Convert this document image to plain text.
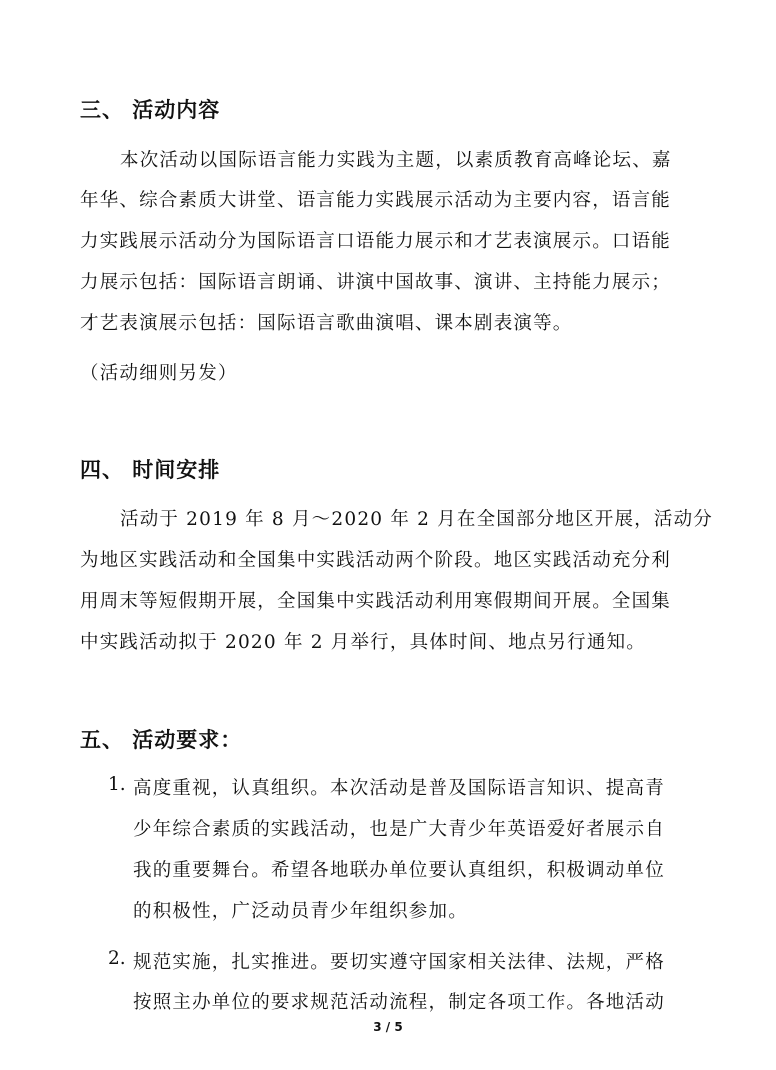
三、 活动内容
本次活动以国际语言能力实践为主题，以素质教育高峰论坛、嘉
年华、综合素质大讲堂、语言能力实践展示活动为主要内容，语言能
力实践展示活动分为国际语言口语能力展示和才艺表演展示。口语能
力展示包括：国际语言朗诵、讲演中国故事、演讲、主持能力展示；
才艺表演展示包括：国际语言歌曲演唱、课本剧表演等。
（活动细则另发）
四、 时间安排
活动于 2019 年 8 月～2020 年 2 月在全国部分地区开展，活动分
为地区实践活动和全国集中实践活动两个阶段。地区实践活动充分利
用周末等短假期开展，全国集中实践活动利用寒假期间开展。全国集
中实践活动拟于 2020 年 2 月举行，具体时间、地点另行通知。
五、 活动要求：
1. 高度重视，认真组织。本次活动是普及国际语言知识、提高青
少年综合素质的实践活动，也是广大青少年英语爱好者展示自
我的重要舞台。希望各地联办单位要认真组织，积极调动单位
的积极性，广泛动员青少年组织参加。
2. 规范实施，扎实推进。要切实遵守国家相关法律、法规，严格
按照主办单位的要求规范活动流程，制定各项工作。各地活动
3 / 5
